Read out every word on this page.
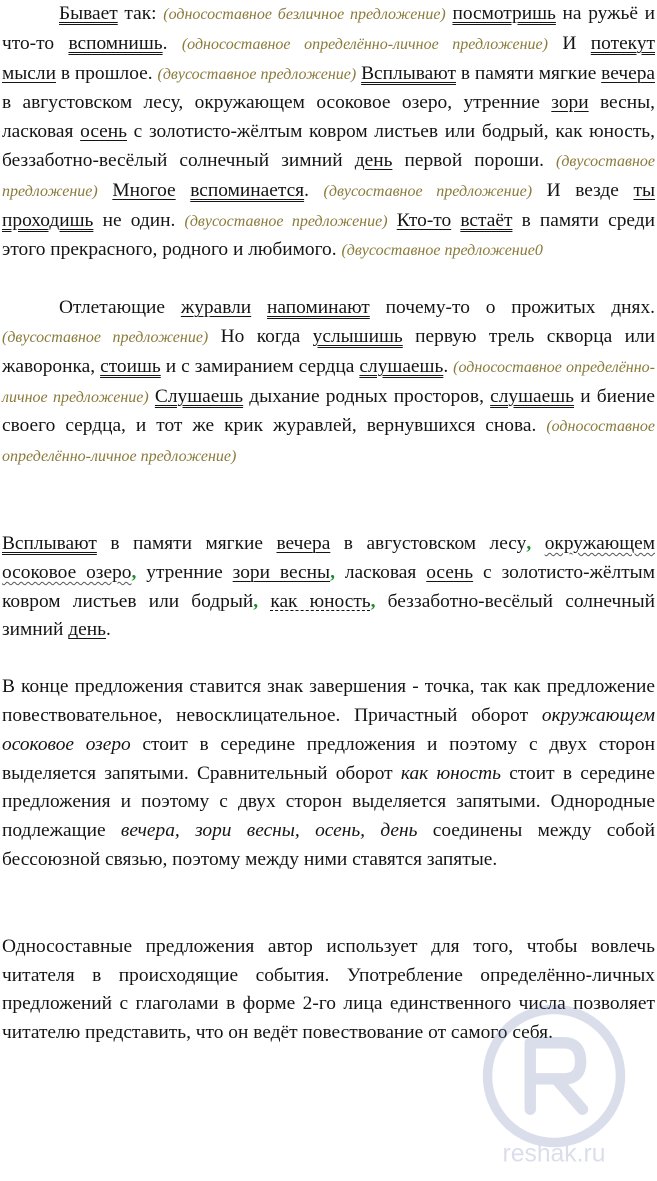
Бывает так: (односоставное безличное предложение) посмотришь на ружьё и что-то вспомнишь. (односоставное определённо-личное предложение) И потекут мысли в прошлое. (двусоставное предложение) Всплывают в памяти мягкие вечера в августовском лесу, окружающем осоковое озеро, утренние зори весны, ласковая осень с золотисто-жёлтым ковром листьев или бодрый, как юность, беззаботно-весёлый солнечный зимний день первой пороши. (двусоставное предложение) Многое вспоминается. (двусоставное предложение) И везде ты проходишь не один. (двусоставное предложение) Кто-то встаёт в памяти среди этого прекрасного, родного и любимого. (двусоставное предложение0

Отлетающие журавли напоминают почему-то о прожитых днях. (двусоставное предложение) Но когда услышишь первую трель скворца или жаворонка, стоишь и с замиранием сердца слушаешь. (односоставное определённо-личное предложение) Слушаешь дыхание родных просторов, слушаешь и биение своего сердца, и тот же крик журавлей, вернувшихся снова. (односоставное определённо-личное предложение)

Всплывают в памяти мягкие вечера в августовском лесу, окружающем осоковое озеро, утренние зори весны, ласковая осень с золотисто-жёлтым ковром листьев или бодрый, как юность, беззаботно-весёлый солнечный зимний день.

В конце предложения ставится знак завершения - точка, так как предложение повествовательное, невосклицательное. Причастный оборот окружающем осоковое озеро стоит в середине предложения и поэтому с двух сторон выделяется запятыми. Сравнительный оборот как юность стоит в середине предложения и поэтому с двух сторон выделяется запятыми. Однородные подлежащие вечера, зори весны, осень, день соединены между собой бессоюзной связью, поэтому между ними ставятся запятые.

Односоставные предложения автор использует для того, чтобы вовлечь читателя в происходящие события. Употребление определённо-личных предложений с глаголами в форме 2-го лица единственного числа позволяет читателю представить, что он ведёт повествование от самого себя.

reshak.ru
